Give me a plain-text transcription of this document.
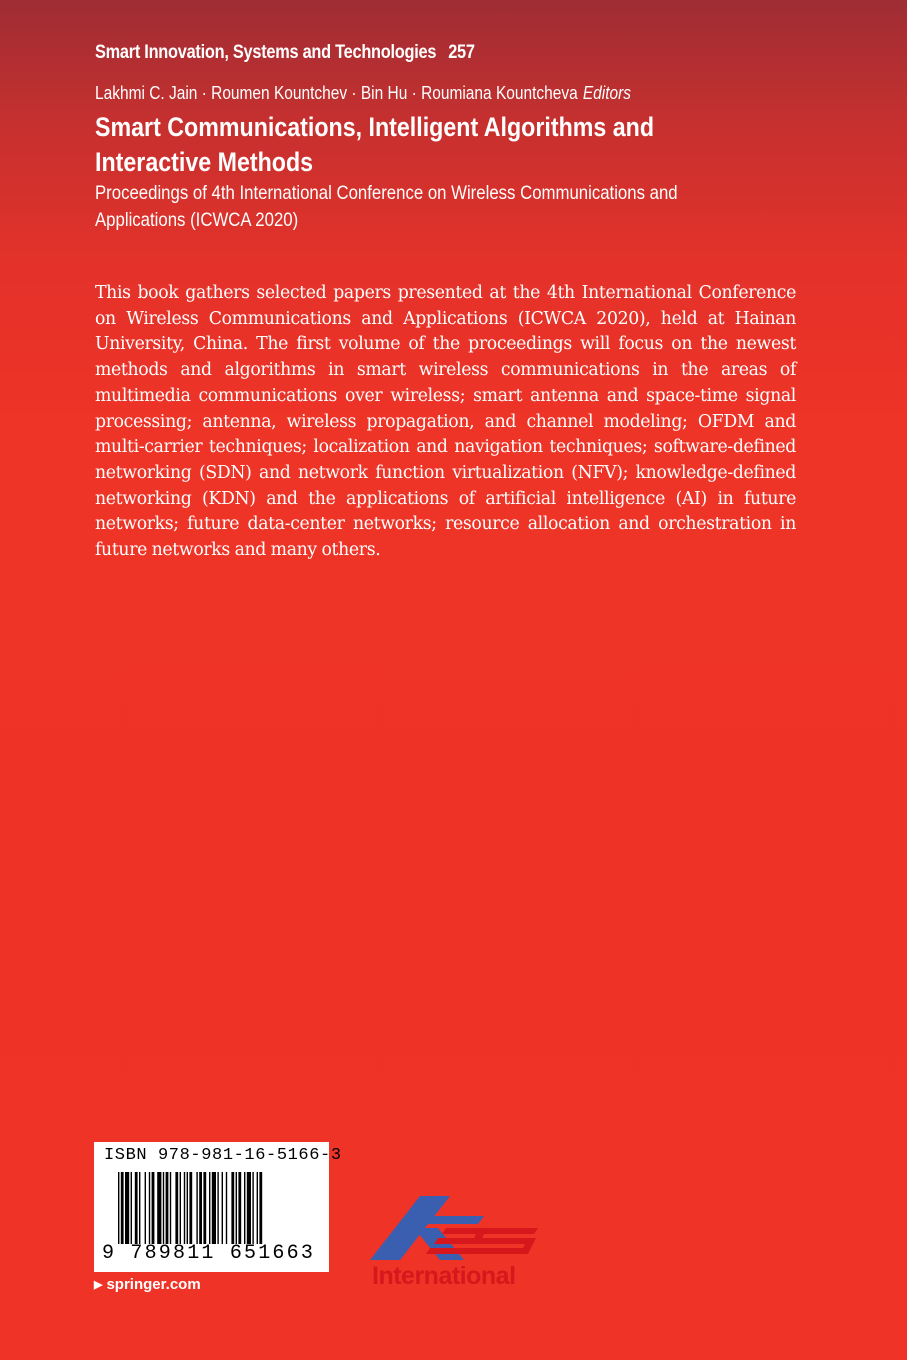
Smart Innovation, Systems and Technologies 257
Lakhmi C. Jain · Roumen Kountchev · Bin Hu · Roumiana Kountcheva Editors
Smart Communications, Intelligent Algorithms and Interactive Methods
Proceedings of 4th International Conference on Wireless Communications and Applications (ICWCA 2020)
This book gathers selected papers presented at the 4th International Conference on Wireless Communications and Applications (ICWCA 2020), held at Hainan University, China. The first volume of the proceedings will focus on the newest methods and algorithms in smart wireless communications in the areas of multimedia communications over wireless; smart antenna and space-time signal processing; antenna, wireless propagation, and channel modeling; OFDM and multi-carrier techniques; localization and navigation techniques; software-defined networking (SDN) and network function virtualization (NFV); knowledge-defined networking (KDN) and the applications of artificial intelligence (AI) in future networks; future data-center networks; resource allocation and orchestration in future networks and many others.
ISBN 978-981-16-5166-3
9 789811 651663
▶ springer.com	International
